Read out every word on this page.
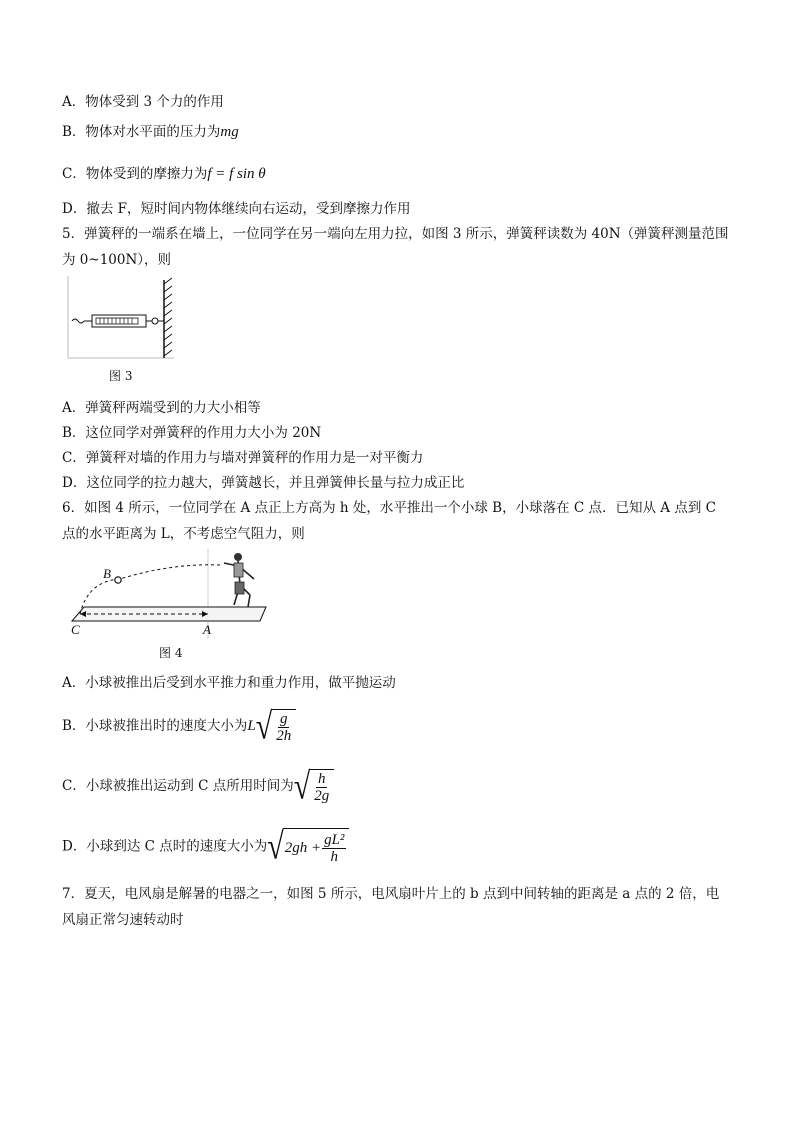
A．物体受到 3 个力的作用
B．物体对水平面的压力为mg
C．物体受到的摩擦力为f = f sin θ
D．撤去 F，短时间内物体继续向右运动，受到摩擦力作用
5．弹簧秤的一端系在墙上，一位同学在另一端向左用力拉，如图 3 所示，弹簧秤读数为 40N（弹簧秤测量范围为 0~100N），则
图 3
A．弹簧秤两端受到的力大小相等
B．这位同学对弹簧秤的作用力大小为 20N
C．弹簧秤对墙的作用力与墙对弹簧秤的作用力是一对平衡力
D．这位同学的拉力越大，弹簧越长，并且弹簧伸长量与拉力成正比
6．如图 4 所示，一位同学在 A 点正上方高为 h 处，水平推出一个小球 B，小球落在 C 点．已知从 A 点到 C 点的水平距离为 L，不考虑空气阻力，则
B
C	A
图 4
A．小球被推出后受到水平推力和重力作用，做平抛运动
B．小球被推出时的速度大小为L √ $\frac{g}{2h}$
C．小球被推出运动到 C 点所用时间为 √ $\frac{h}{2g}$
D．小球到达 C 点时的速度大小为 √ $2gh + \frac{\text{gL²}}{h}$
7．夏天，电风扇是解暑的电器之一，如图 5 所示，电风扇叶片上的 b 点到中间转轴的距离是 a 点的 2 倍，电风扇正常匀速转动时
